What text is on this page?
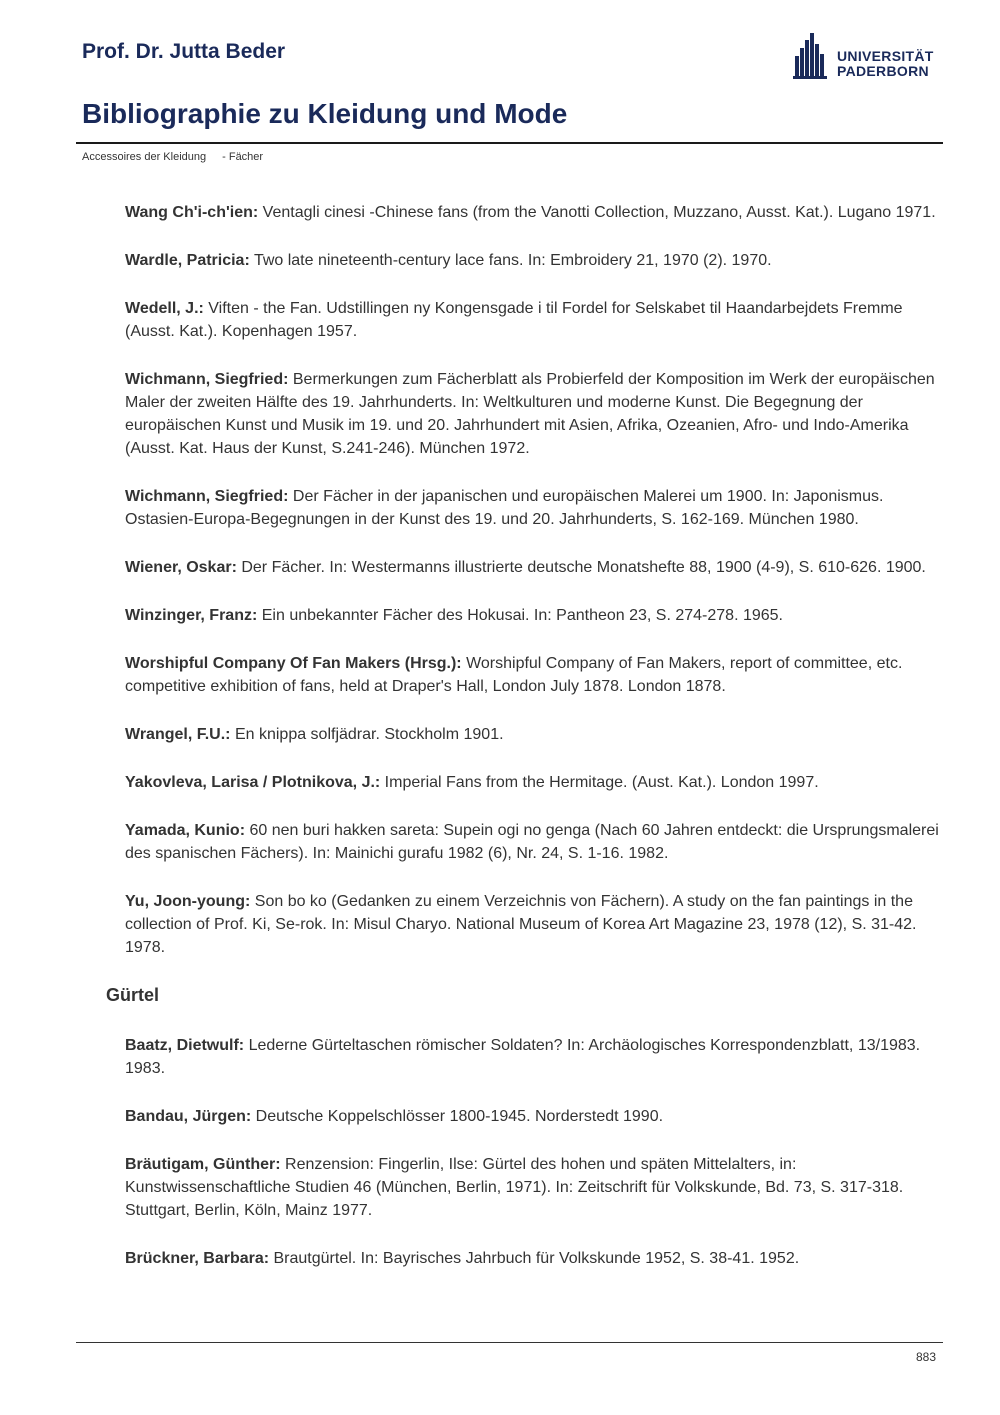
Prof. Dr. Jutta Beder	UNIVERSITÄT
PADERBORN
Bibliographie zu Kleidung und Mode
Accessoires der Kleidung - Fächer

Wang Ch'i-ch'ien: Ventagli cinesi -Chinese fans (from the Vanotti Collection, Muzzano, Ausst. Kat.). Lugano 1971.

Wardle, Patricia: Two late nineteenth-century lace fans. In: Embroidery 21, 1970 (2). 1970.

Wedell, J.: Viften - the Fan. Udstillingen ny Kongensgade i til Fordel for Selskabet til Haandarbejdets Fremme (Ausst. Kat.). Kopenhagen 1957.

Wichmann, Siegfried: Bermerkungen zum Fächerblatt als Probierfeld der Komposition im Werk der europäischen Maler der zweiten Hälfte des 19. Jahrhunderts. In: Weltkulturen und moderne Kunst. Die Begegnung der europäischen Kunst und Musik im 19. und 20. Jahrhundert mit Asien, Afrika, Ozeanien, Afro- und Indo-Amerika (Ausst. Kat. Haus der Kunst, S.241-246). München 1972.

Wichmann, Siegfried: Der Fächer in der japanischen und europäischen Malerei um 1900. In: Japonismus. Ostasien-Europa-Begegnungen in der Kunst des 19. und 20. Jahrhunderts, S. 162-169. München 1980.

Wiener, Oskar: Der Fächer. In: Westermanns illustrierte deutsche Monatshefte 88, 1900 (4-9), S. 610-626. 1900.

Winzinger, Franz: Ein unbekannter Fächer des Hokusai. In: Pantheon 23, S. 274-278. 1965.

Worshipful Company Of Fan Makers (Hrsg.): Worshipful Company of Fan Makers, report of committee, etc. competitive exhibition of fans, held at Draper's Hall, London July 1878. London 1878.

Wrangel, F.U.: En knippa solfjädrar. Stockholm 1901.

Yakovleva, Larisa / Plotnikova, J.: Imperial Fans from the Hermitage. (Aust. Kat.). London 1997.

Yamada, Kunio: 60 nen buri hakken sareta: Supein ogi no genga (Nach 60 Jahren entdeckt: die Ursprungsmalerei des spanischen Fächers). In: Mainichi gurafu 1982 (6), Nr. 24, S. 1-16. 1982.

Yu, Joon-young: Son bo ko (Gedanken zu einem Verzeichnis von Fächern). A study on the fan paintings in the collection of Prof. Ki, Se-rok. In: Misul Charyo. National Museum of Korea Art Magazine 23, 1978 (12), S. 31-42. 1978.

Gürtel

Baatz, Dietwulf: Lederne Gürteltaschen römischer Soldaten? In: Archäologisches Korrespondenzblatt, 13/1983. 1983.

Bandau, Jürgen: Deutsche Koppelschlösser 1800-1945. Norderstedt 1990.

Bräutigam, Günther: Renzension: Fingerlin, Ilse: Gürtel des hohen und späten Mittelalters, in: Kunstwissenschaftliche Studien 46 (München, Berlin, 1971). In: Zeitschrift für Volkskunde, Bd. 73, S. 317-318. Stuttgart, Berlin, Köln, Mainz 1977.

Brückner, Barbara: Brautgürtel. In: Bayrisches Jahrbuch für Volkskunde 1952, S. 38-41. 1952.

883
